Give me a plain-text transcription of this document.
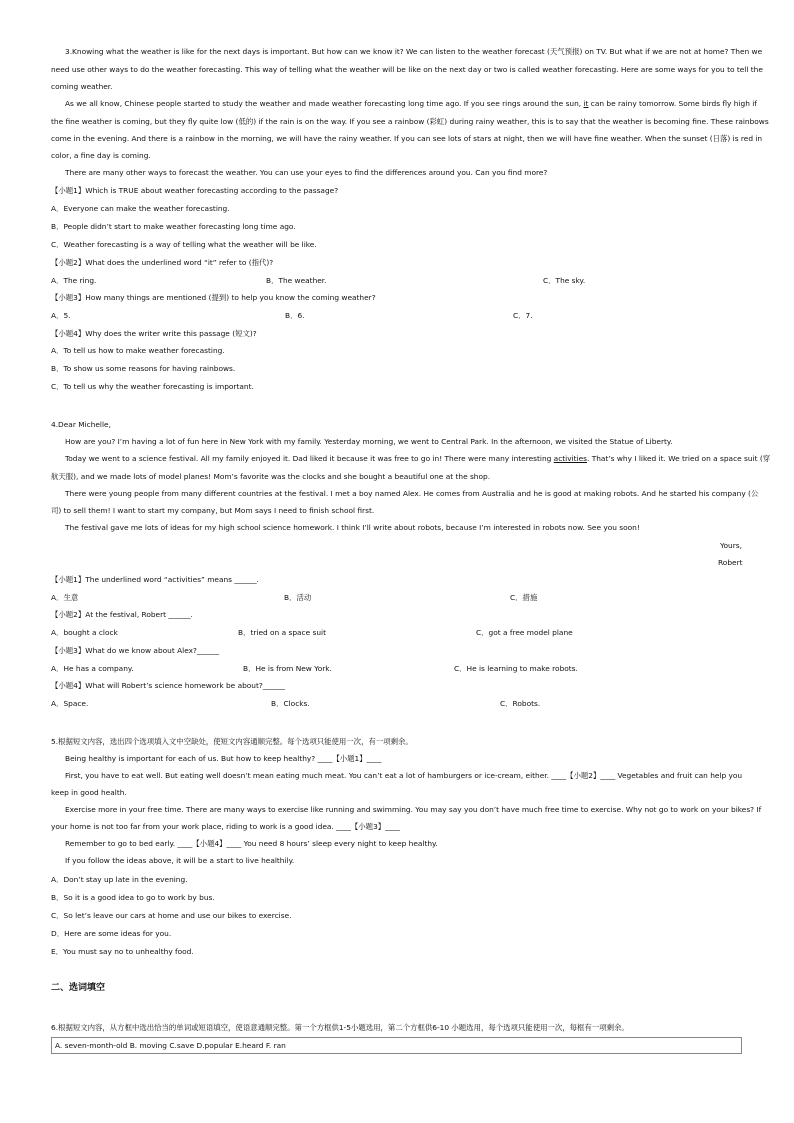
3.Knowing what the weather is like for the next days is important. But how can we know it? We can listen to the weather forecast (天气预报) on TV. But what if we are not at home? Then we
need use other ways to do the weather forecasting. This way of telling what the weather will be like on the next day or two is called weather forecasting. Here are some ways for you to tell the
coming weather.
As we all know, Chinese people started to study the weather and made weather forecasting long time ago. If you see rings around the sun, it can be rainy tomorrow. Some birds fly high if
the fine weather is coming, but they fly quite low (低的) if the rain is on the way. If you see a rainbow (彩虹) during rainy weather, this is to say that the weather is becoming fine. These rainbows
come in the evening. And there is a rainbow in the morning, we will have the rainy weather. If you can see lots of stars at night, then we will have fine weather. When the sunset (日落) is red in
color, a fine day is coming.
There are many other ways to forecast the weather. You can use your eyes to find the differences around you. Can you find more?
【小题1】Which is TRUE about weather forecasting according to the passage?
A．Everyone can make the weather forecasting.
B．People didn’t start to make weather forecasting long time ago.
C．Weather forecasting is a way of telling what the weather will be like.
【小题2】What does the underlined word “it” refer to (指代)?
A．The ring.	B．The weather.	C．The sky.
【小题3】How many things are mentioned (提到) to help you know the coming weather?
A．5.	B．6.	C．7.
【小题4】Why does the writer write this passage (短文)?
A．To tell us how to make weather forecasting.
B．To show us some reasons for having rainbows.
C．To tell us why the weather forecasting is important.
4.Dear Michelle,
How are you? I’m having a lot of fun here in New York with my family. Yesterday morning, we went to Central Park. In the afternoon, we visited the Statue of Liberty.
Today we went to a science festival. All my family enjoyed it. Dad liked it because it was free to go in! There were many interesting activities. That’s why I liked it. We tried on a space suit (穿
航天服), and we made lots of model planes! Mom’s favorite was the clocks and she bought a beautiful one at the shop.
There were young people from many different countries at the festival. I met a boy named Alex. He comes from Australia and he is good at making robots. And he started his company (公
司) to sell them! I want to start my company, but Mom says I need to finish school first.
The festival gave me lots of ideas for my high school science homework. I think I’ll write about robots, because I’m interested in robots now. See you soon!
Yours,
Robert
【小题1】The underlined word “activities” means ______.
A．生意	B．活动	C．措施
【小题2】At the festival, Robert ______.
A．bought a clock	B．tried on a space suit	C．got a free model plane
【小题3】What do we know about Alex?______
A．He has a company.	B．He is from New York.	C．He is learning to make robots.
【小题4】What will Robert’s science homework be about?______
A．Space.	B．Clocks.	C．Robots.
5.根据短文内容，选出四个选项填入文中空缺处，使短文内容通顺完整。每个选项只能使用一次，有一项剩余。
Being healthy is important for each of us. But how to keep healthy? ____【小题1】____
First, you have to eat well. But eating well doesn’t mean eating much meat. You can’t eat a lot of hamburgers or ice-cream, either. ____【小题2】____ Vegetables and fruit can help you
keep in good health.
Exercise more in your free time. There are many ways to exercise like running and swimming. You may say you don’t have much free time to exercise. Why not go to work on your bikes? If
your home is not too far from your work place, riding to work is a good idea. ____【小题3】____
Remember to go to bed early. ____【小题4】____ You need 8 hours’ sleep every night to keep healthy.
If you follow the ideas above, it will be a start to live healthily.
A．Don’t stay up late in the evening.
B．So it is a good idea to go to work by bus.
C．So let’s leave our cars at home and use our bikes to exercise.
D．Here are some ideas for you.
E．You must say no to unhealthy food.
二、选词填空
6.根据短文内容，从方框中选出恰当的单词或短语填空，使语意通顺完整。第一个方框供1-5小题选用，第二个方框供6-10 小题选用，每个选项只能使用一次，每框有一项剩余。
A. seven-month-old B. moving C.save D.popular E.heard F. ran
